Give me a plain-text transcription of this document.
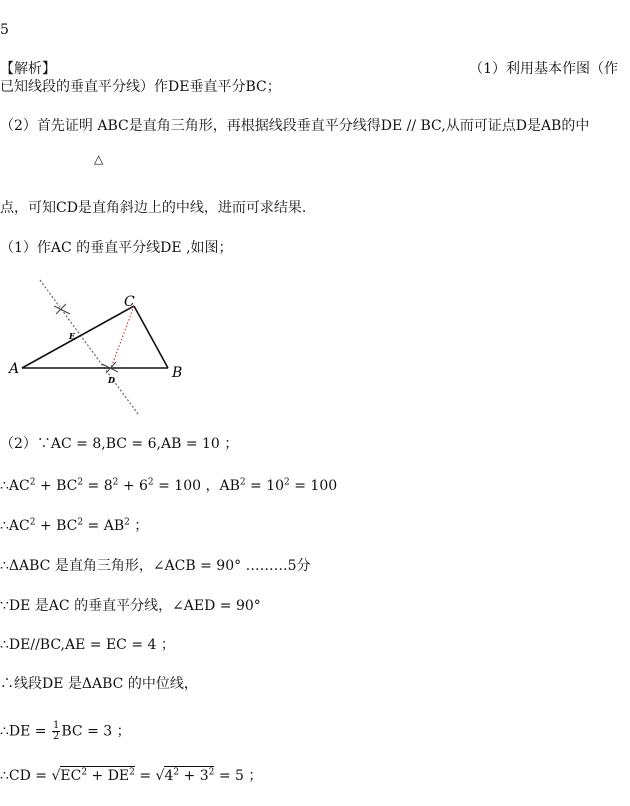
5
【解析】	（1）利用基本作图（作
已知线段的垂直平分线）作DE垂直平分BC；
（2）首先证明 ABC是直角三角形，再根据线段垂直平分线得DE // BC,从而可证点D是AB的中
△
点，可知CD是直角斜边上的中线，进而可求结果.
（1）作AC 的垂直平分线DE ,如图；
A	B
C
D
E
（2）∵AC = 8,BC = 6,AB = 10 ；
$\therefore AC^2 + BC^2 = 8^2 + 6^2 = 100$ ，$AB^2 = 10^2 = 100$
$\therefore AC^2 + BC^2 = AB^2$ ；
∴ΔABC 是直角三角形，∠ACB = 90° ………5分
∵DE 是AC 的垂直平分线，∠AED = 90°
∴DE//BC,AE = EC = 4 ；
∴线段DE 是ΔABC 的中位线，
∴DE = $\frac{1}{2}$ BC = 3 ；
∴CD = $√EC^2 + DE^2 = √4^2 + 3^2 = 5$ ；
